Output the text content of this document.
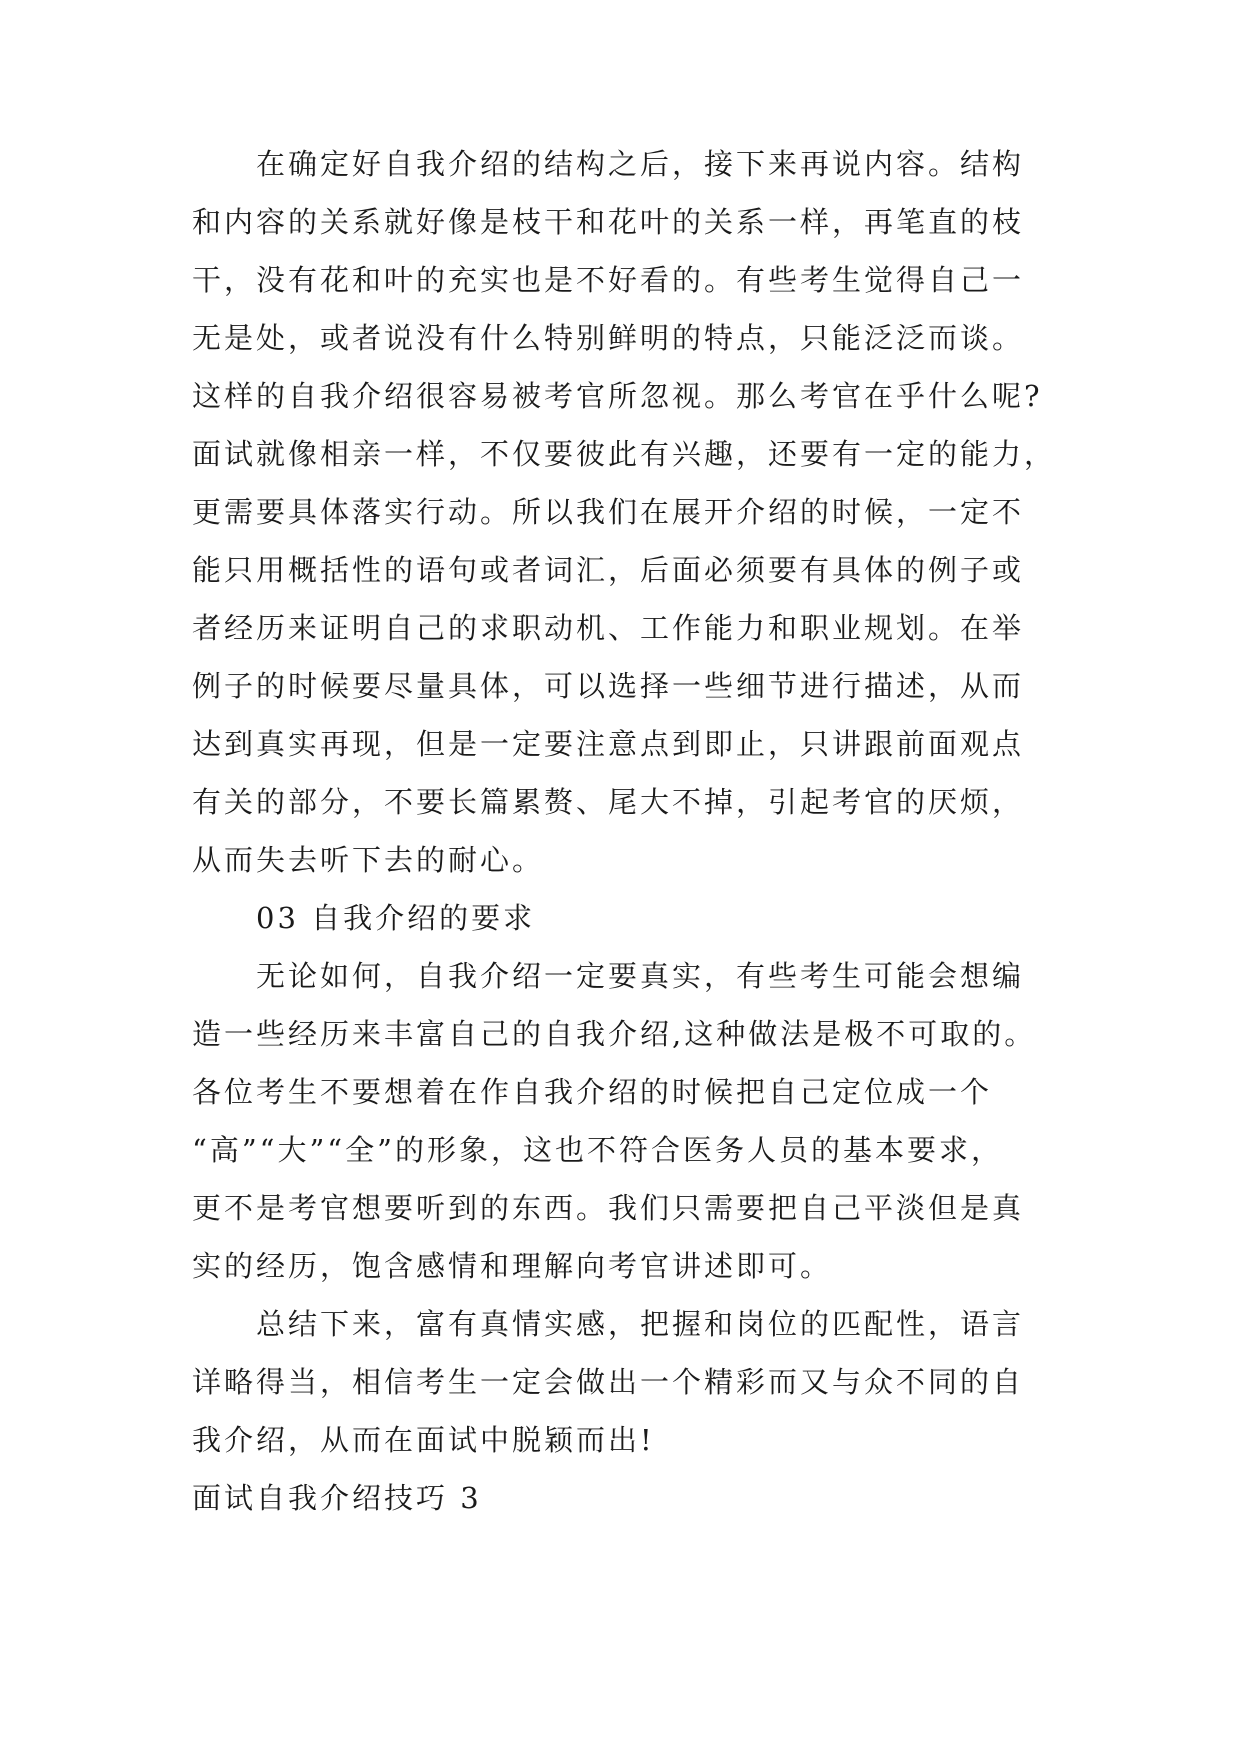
在确定好自我介绍的结构之后，接下来再说内容。结构
和内容的关系就好像是枝干和花叶的关系一样，再笔直的枝
干，没有花和叶的充实也是不好看的。有些考生觉得自己一
无是处，或者说没有什么特别鲜明的特点，只能泛泛而谈。
这样的自我介绍很容易被考官所忽视。那么考官在乎什么呢?
面试就像相亲一样，不仅要彼此有兴趣，还要有一定的能力，
更需要具体落实行动。所以我们在展开介绍的时候，一定不
能只用概括性的语句或者词汇，后面必须要有具体的例子或
者经历来证明自己的求职动机、工作能力和职业规划。在举
例子的时候要尽量具体，可以选择一些细节进行描述，从而
达到真实再现，但是一定要注意点到即止，只讲跟前面观点
有关的部分，不要长篇累赘、尾大不掉，引起考官的厌烦，
从而失去听下去的耐心。
03 自我介绍的要求
无论如何，自我介绍一定要真实，有些考生可能会想编
造一些经历来丰富自己的自我介绍,这种做法是极不可取的。
各位考生不要想着在作自我介绍的时候把自己定位成一个
“高”“大”“全”的形象，这也不符合医务人员的基本要求，
更不是考官想要听到的东西。我们只需要把自己平淡但是真
实的经历，饱含感情和理解向考官讲述即可。
总结下来，富有真情实感，把握和岗位的匹配性，语言
详略得当，相信考生一定会做出一个精彩而又与众不同的自
我介绍，从而在面试中脱颖而出!
面试自我介绍技巧 3
